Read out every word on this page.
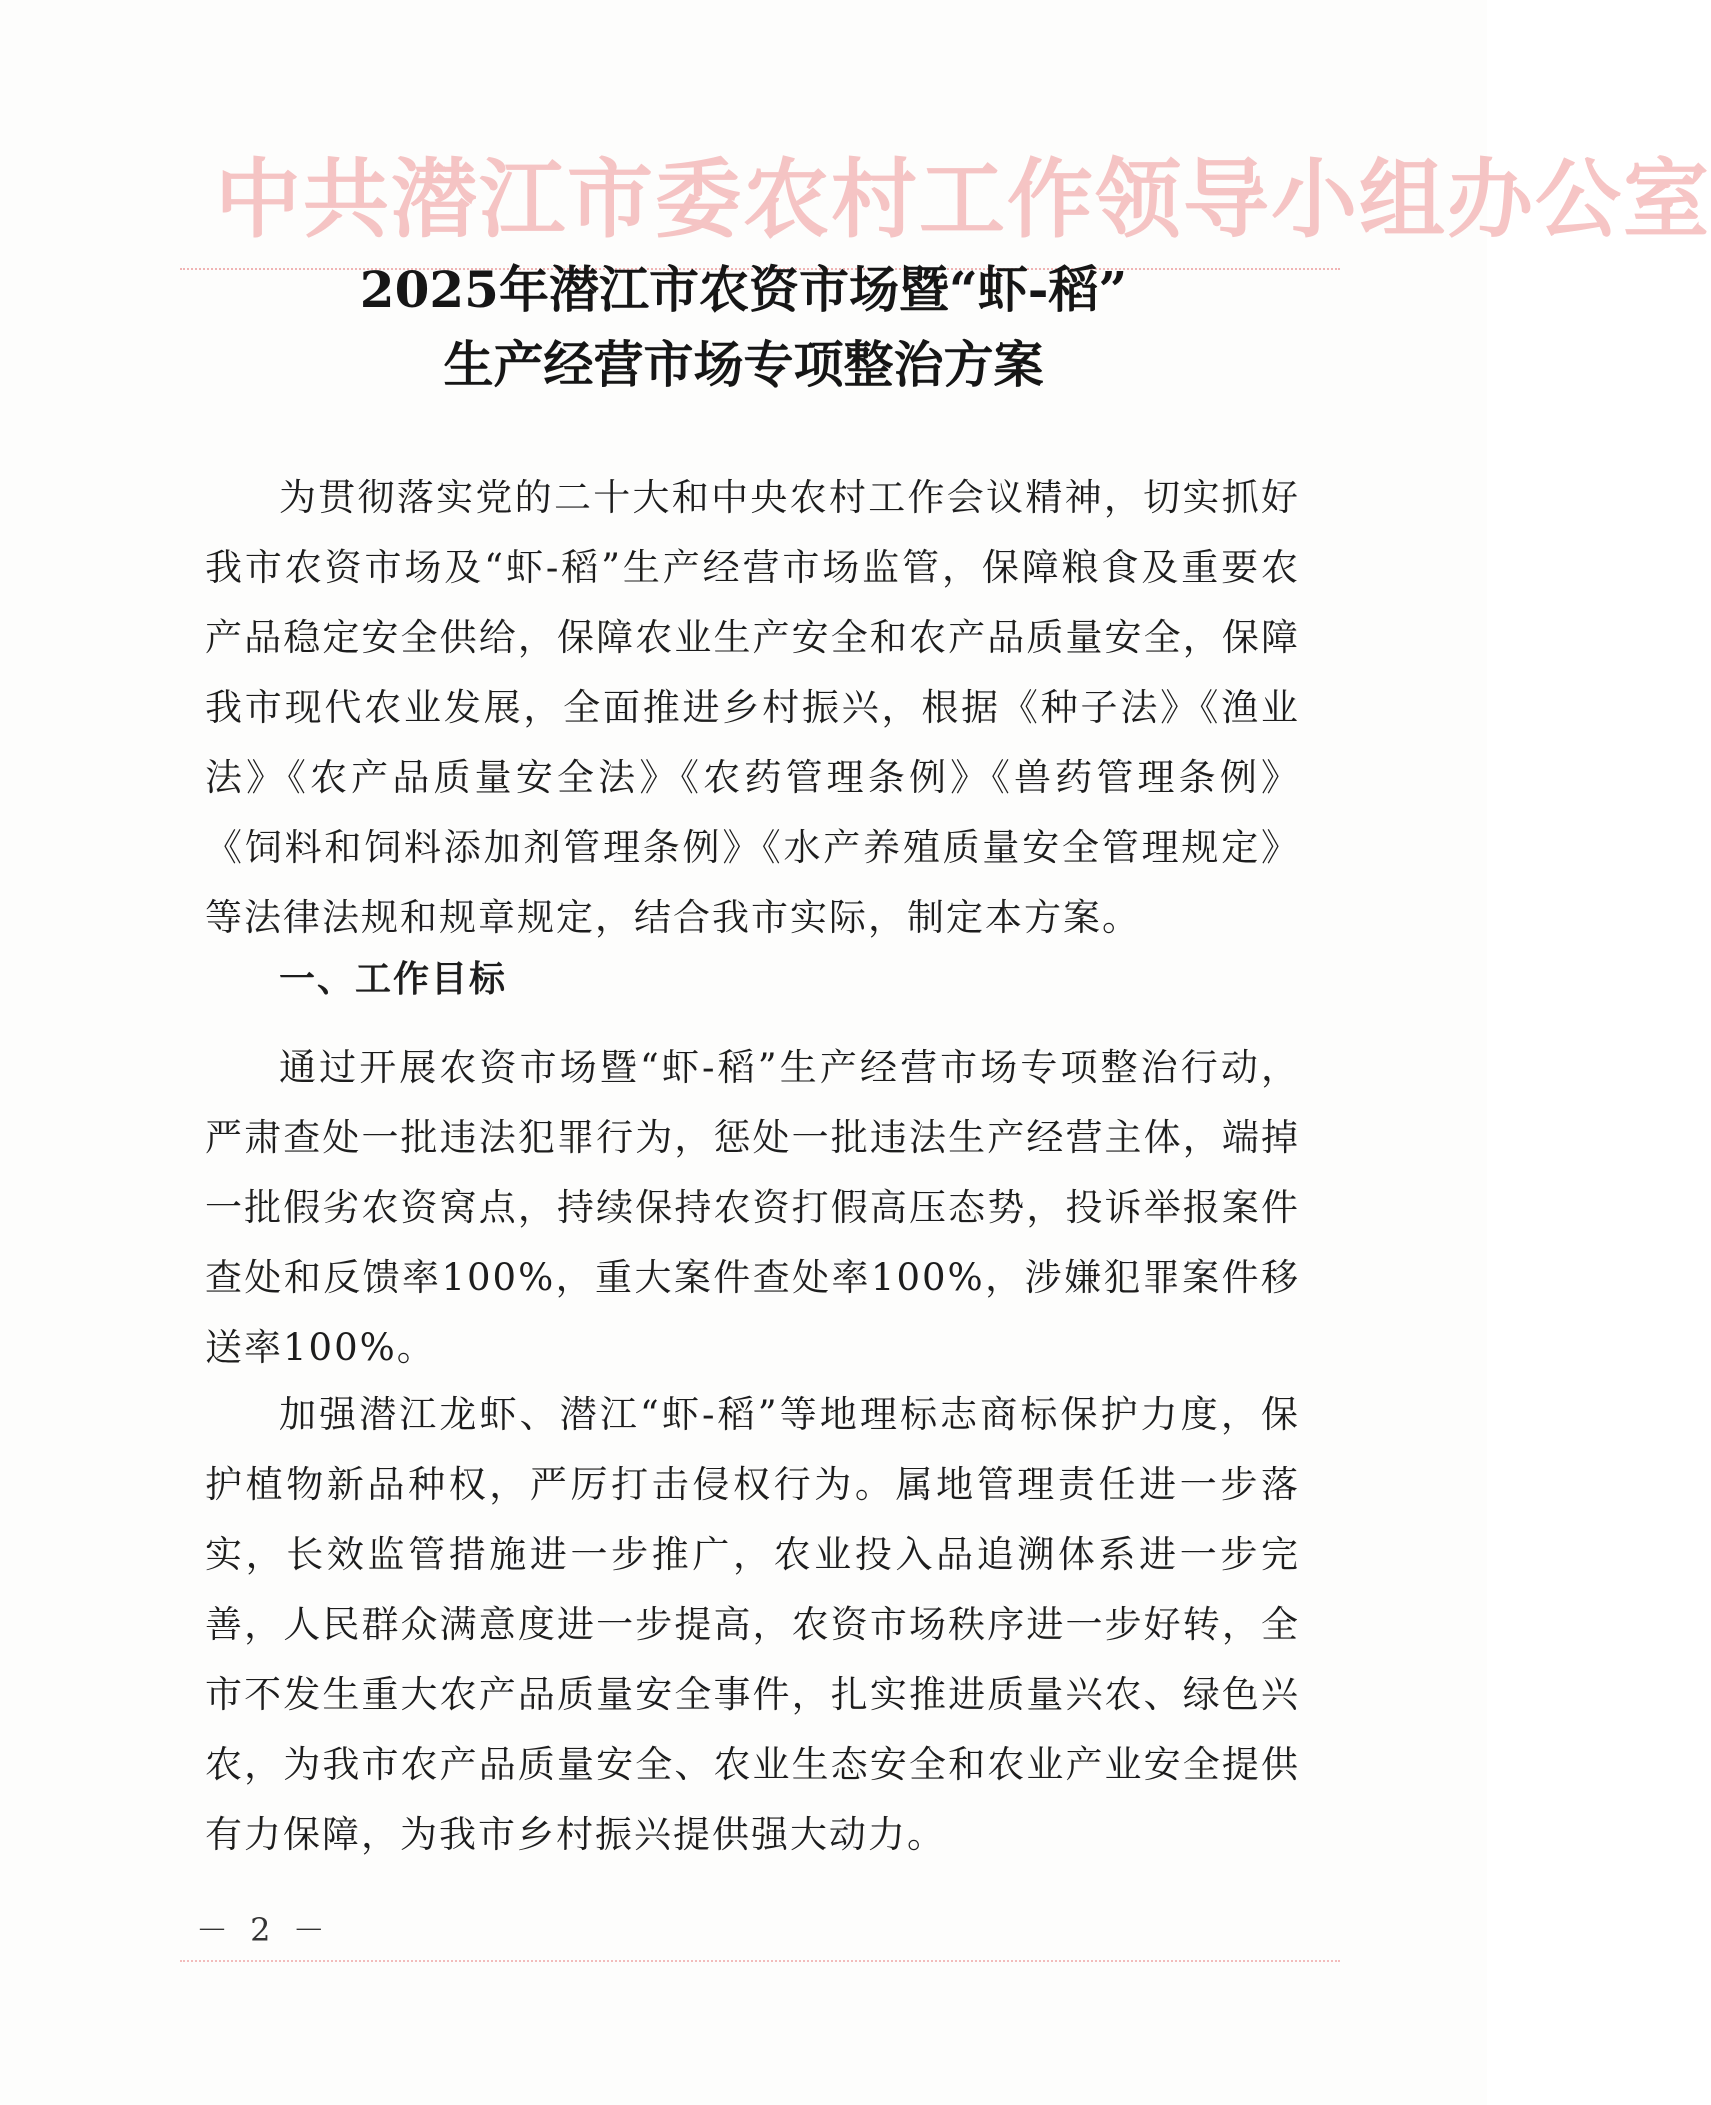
中共潜江市委农村工作领导小组办公室
2025年潜江市农资市场暨“虾-稻”
生产经营市场专项整治方案
为贯彻落实党的二十大和中央农村工作会议精神，切实抓好我市农资市场及“虾-稻”生产经营市场监管，保障粮食及重要农产品稳定安全供给，保障农业生产安全和农产品质量安全，保障我市现代农业发展，全面推进乡村振兴，根据《种子法》《渔业法》《农产品质量安全法》《农药管理条例》《兽药管理条例》《饲料和饲料添加剂管理条例》《水产养殖质量安全管理规定》等法律法规和规章规定，结合我市实际，制定本方案。
一、工作目标
通过开展农资市场暨“虾-稻”生产经营市场专项整治行动，严肃查处一批违法犯罪行为，惩处一批违法生产经营主体，端掉一批假劣农资窝点，持续保持农资打假高压态势，投诉举报案件查处和反馈率100%，重大案件查处率100%，涉嫌犯罪案件移送率100%。
加强潜江龙虾、潜江“虾-稻”等地理标志商标保护力度，保护植物新品种权，严厉打击侵权行为。属地管理责任进一步落实，长效监管措施进一步推广，农业投入品追溯体系进一步完善，人民群众满意度进一步提高，农资市场秩序进一步好转，全市不发生重大农产品质量安全事件，扎实推进质量兴农、绿色兴农，为我市农产品质量安全、农业生态安全和农业产业安全提供有力保障，为我市乡村振兴提供强大动力。
－ 2 －
